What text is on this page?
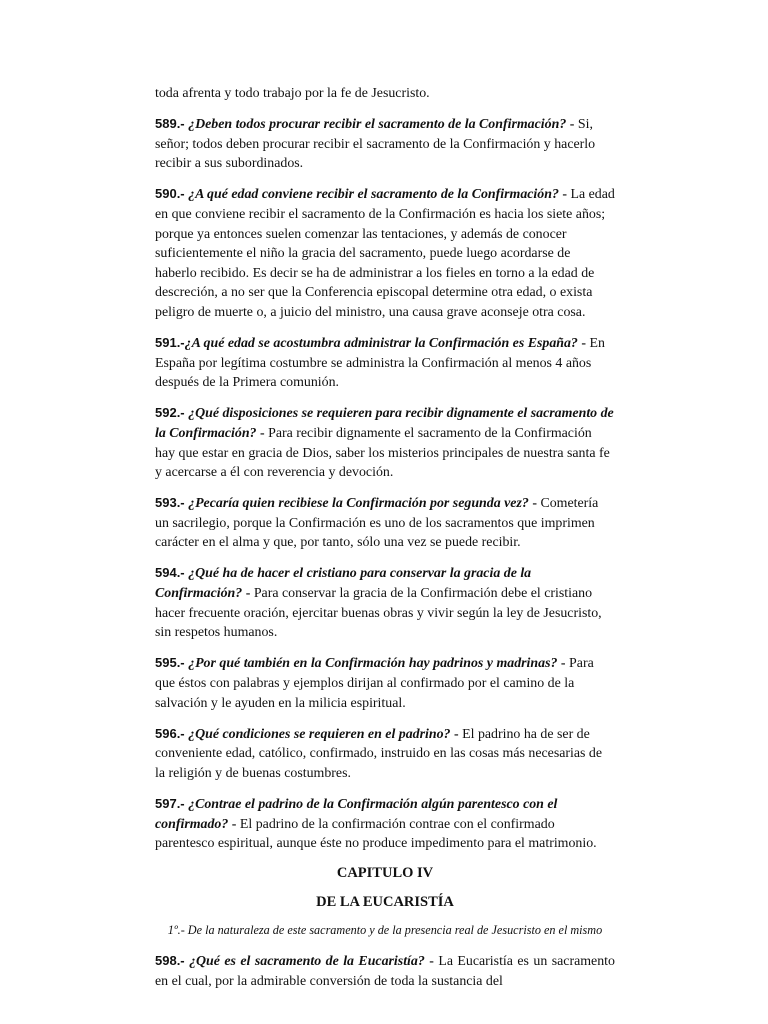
toda afrenta y todo trabajo por la fe de Jesucristo.

589.- ¿Deben todos procurar recibir el sacramento de la Confirmación? - Si, señor; todos deben procurar recibir el sacramento de la Confirmación y hacerlo recibir a sus subordinados.

590.- ¿A qué edad conviene recibir el sacramento de la Confirmación? - La edad en que conviene recibir el sacramento de la Confirmación es hacia los siete años; porque ya entonces suelen comenzar las tentaciones, y además de conocer suficientemente el niño la gracia del sacramento, puede luego acordarse de haberlo recibido. Es decir se ha de administrar a los fieles en torno a la edad de descreción, a no ser que la Conferencia episcopal determine otra edad, o exista peligro de muerte o, a juicio del ministro, una causa grave aconseje otra cosa.

591.-¿A qué edad se acostumbra administrar la Confirmación es España? - En España por legítima costumbre se administra la Confirmación al menos 4 años después de la Primera comunión.

592.- ¿Qué disposiciones se requieren para recibir dignamente el sacramento de la Confirmación? - Para recibir dignamente el sacramento de la Confirmación hay que estar en gracia de Dios, saber los misterios principales de nuestra santa fe y acercarse a él con reverencia y devoción.

593.- ¿Pecaría quien recibiese la Confirmación por segunda vez? - Cometería un sacrilegio, porque la Confirmación es uno de los sacramentos que imprimen carácter en el alma y que, por tanto, sólo una vez se puede recibir.

594.- ¿Qué ha de hacer el cristiano para conservar la gracia de la Confirmación? - Para conservar la gracia de la Confirmación debe el cristiano hacer frecuente oración, ejercitar buenas obras y vivir según la ley de Jesucristo, sin respetos humanos.

595.- ¿Por qué también en la Confirmación hay padrinos y madrinas? - Para que éstos con palabras y ejemplos dirijan al confirmado por el camino de la salvación y le ayuden en la milicia espiritual.

596.- ¿Qué condiciones se requieren en el padrino? - El padrino ha de ser de conveniente edad, católico, confirmado, instruido en las cosas más necesarias de la religión y de buenas costumbres.

597.- ¿Contrae el padrino de la Confirmación algún parentesco con el confirmado? - El padrino de la confirmación contrae con el confirmado parentesco espiritual, aunque éste no produce impedimento para el matrimonio.

CAPITULO IV
DE LA EUCARISTÍA
1º.- De la naturaleza de este sacramento y de la presencia real de Jesucristo en el mismo

598.- ¿Qué es el sacramento de la Eucaristía? - La Eucaristía es un sacramento en el cual, por la admirable conversión de toda la sustancia del
